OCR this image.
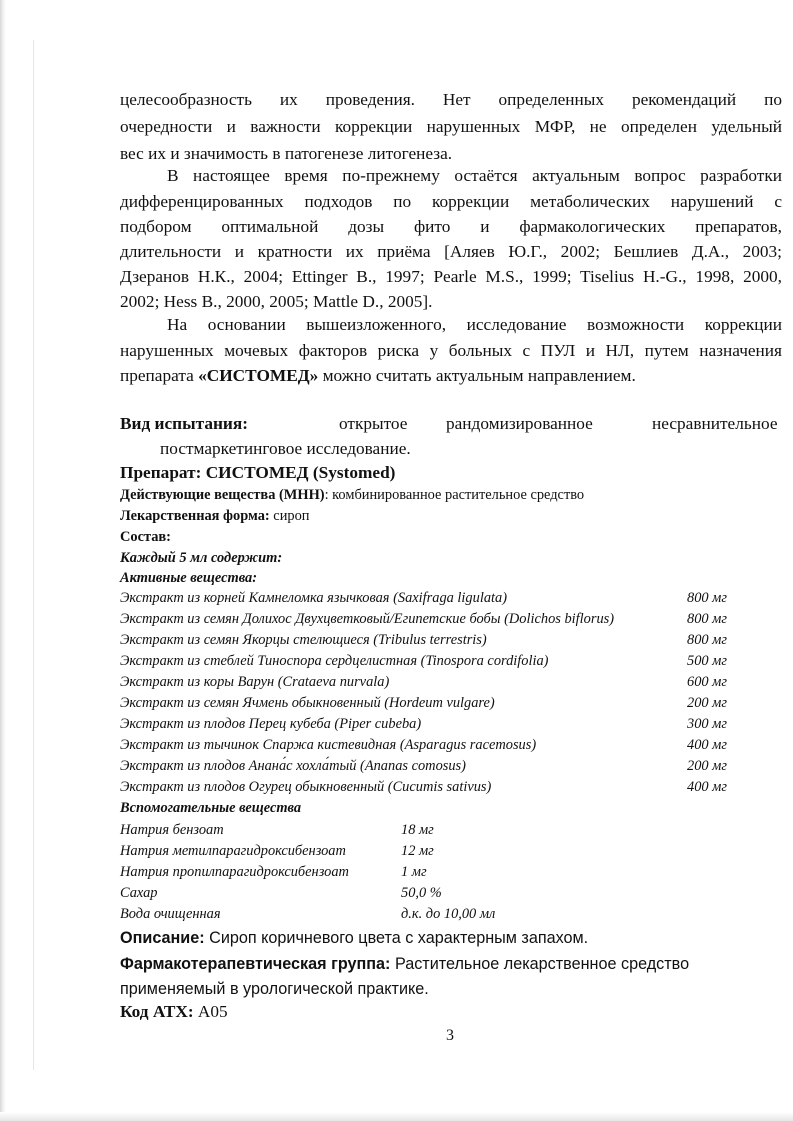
целесообразность их проведения. Нет определенных рекомендаций по
очередности и важности коррекции нарушенных МФР, не определен удельный
вес их и значимость в патогенезе литогенеза.
В настоящее время по-прежнему остаётся актуальным вопрос разработки
дифференцированных подходов по коррекции метаболических нарушений с
подбором оптимальной дозы фито и фармакологических препаратов,
длительности и кратности их приёма [Аляев Ю.Г., 2002; Бешлиев Д.А., 2003;
Дзеранов Н.К., 2004; Ettinger B., 1997; Pearle M.S., 1999; Tiselius H.-G., 1998, 2000,
2002; Hess B., 2000, 2005; Mattle D., 2005].
На основании вышеизложенного, исследование возможности коррекции
нарушенных мочевых факторов риска у больных с ПУЛ и НЛ, путем назначения
препарата «СИСТОМЕД» можно считать актуальным направлением.
Вид испытания:	открытое рандомизированное	несравнительное
постмаркетинговое исследование.
Препарат: СИСТОМЕД (Systomed)
Действующие вещества (МНН): комбинированное растительное средство
Лекарственная форма: сироп
Состав:
Каждый 5 мл содержит:
Активные вещества:
Экстракт из корней Камнеломка язычковая (Saxifraga ligulata)	800 мг
Экстракт из семян Долихос Двухцветковый/Египетские бобы (Dolichos biflorus)	800 мг
Экстракт из семян Якорцы стелющиеся (Tribulus terrestris)	800 мг
Экстракт из стеблей Тиноспора сердцелистная (Tinospora cordifolia)	500 мг
Экстракт из коры Варун (Crataeva nurvala)	600 мг
Экстракт из семян Ячмень обыкновенный (Hordeum vulgare)	200 мг
Экстракт из плодов Перец кубеба (Piper cubeba)	300 мг
Экстракт из тычинок Спаржа кистевидная (Asparagus racemosus)	400 мг
Экстракт из плодов Анана́с хохла́тый (Ananas comosus)	200 мг
Экстракт из плодов Огурец обыкновенный (Cucumis sativus)	400 мг
Вспомогательные вещества
Натрия бензоат	18 мг
Натрия метилпарагидроксибензоат	12 мг
Натрия пропилпарагидроксибензоат	1 мг
Сахар	50,0 %
Вода очищенная	д.к. до 10,00 мл
Описание: Сироп коричневого цвета с характерным запахом.
Фармакотерапевтическая группа: Растительное лекарственное средство
применяемый в урологической практике.
Код АТХ: A05
3
